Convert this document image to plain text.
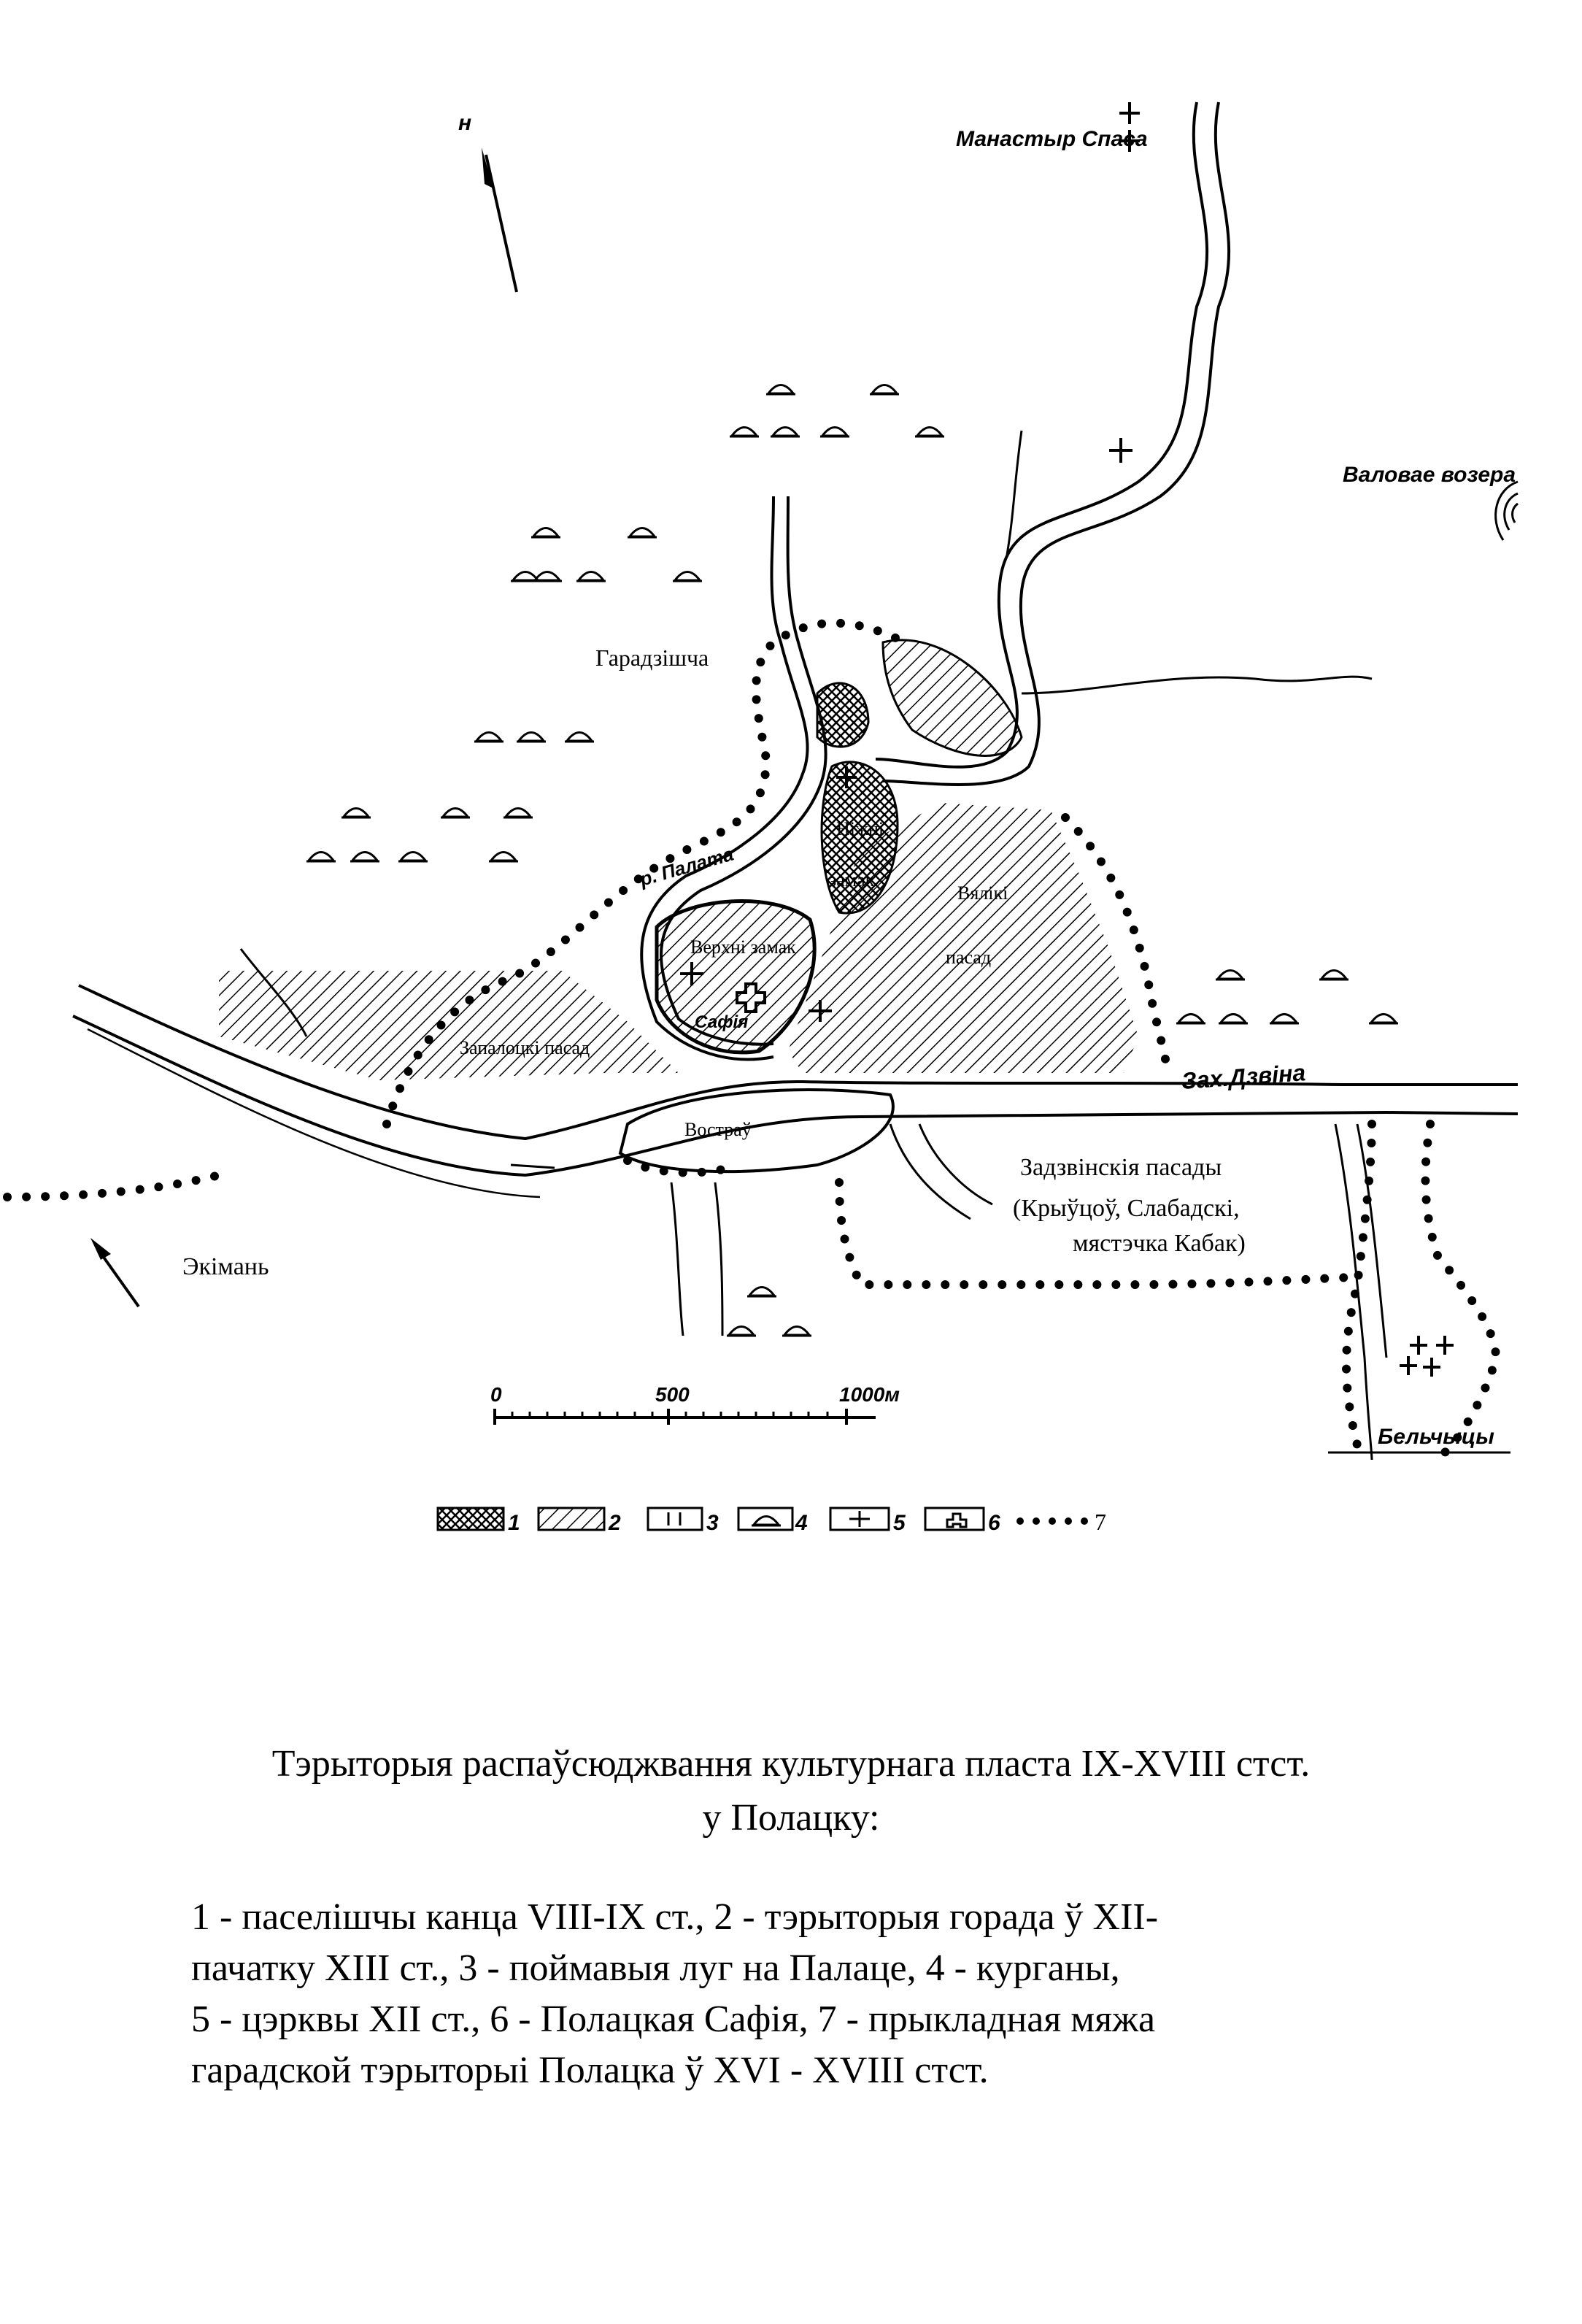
н
Манастыр Спаса
Валовае возера
Гарадзішча
Ніжні
замак
р. Палата
Вялікі
пасад
Верхні замак
Сафія
Запалоцкі пасад
Зах.Дзвіна
Востраў
Задзвінскія пасады
(Крыўцоў, Слабадскі,
мястэчка Кабак)
Экімань
Бельчыцы
0	500	1000м
1	2	3	4	5	6	7
Тэрыторыя распаўсюджвання культурнага пласта IX-XVIII стст.
у Полацку:
1 - паселішчы канца VIII-IX ст., 2 - тэрыторыя горада ў XII-
пачатку XIII ст., 3 - поймавыя луг на Палаце, 4 - курганы,
5 - цэрквы XII ст., 6 - Полацкая Сафія, 7 - прыкладная мяжа
гарадской тэрыторыі Полацка ў XVI - XVIII стст.
